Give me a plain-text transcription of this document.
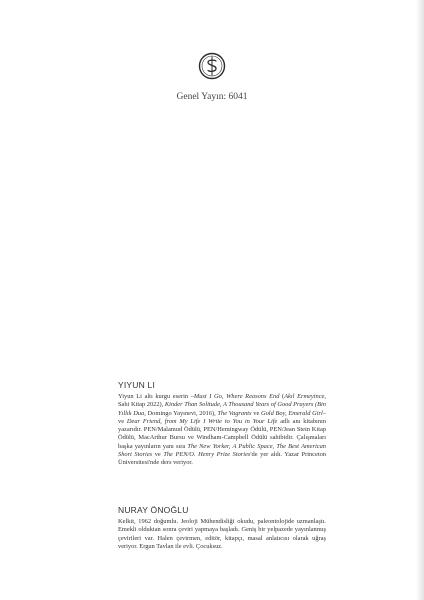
Genel Yayın: 6041
YIYUN LI

Yiyun Li altı kurgu eserin –Must I Go, Where Reasons End (Akıl Ermeyince, Sahi Kitap 2022), Kinder Than Solitude, A Thousand Years of Good Prayers (Bin Yıllık Dua, Domingo Yayınevi, 2016), The Vagrants ve Gold Boy, Emerald Girl– ve Dear Friend, from My Life I Write to You in Your Life adlı anı kitabının yazarıdır. PEN/Malamud Ödülü, PEN/Hemingway Ödülü, PEN/Jean Stein Kitap Ödülü, MacArthur Bursu ve Windham-Campbell Ödülü sahibidir. Çalışmaları başka yayınların yanı sıra The New Yorker, A Public Space, The Best American Short Stories ve The PEN/O. Henry Prize Stories'de yer aldı. Yazar Princeton Üniversitesi'nde ders veriyor.

NURAY ÖNOĞLU

Kelkit, 1962 doğumlu. Jeoloji Mühendisliği okudu, paleontolojide uzmanlaştı. Emekli olduktan sonra çeviri yapmaya başladı. Geniş bir yelpazede yayınlanmış çevirileri var. Halen çevirmen, editör, kitapçı, masal anlatıcısı olarak uğraş veriyor. Ergun Tavlan ile evli. Çocuksuz.
